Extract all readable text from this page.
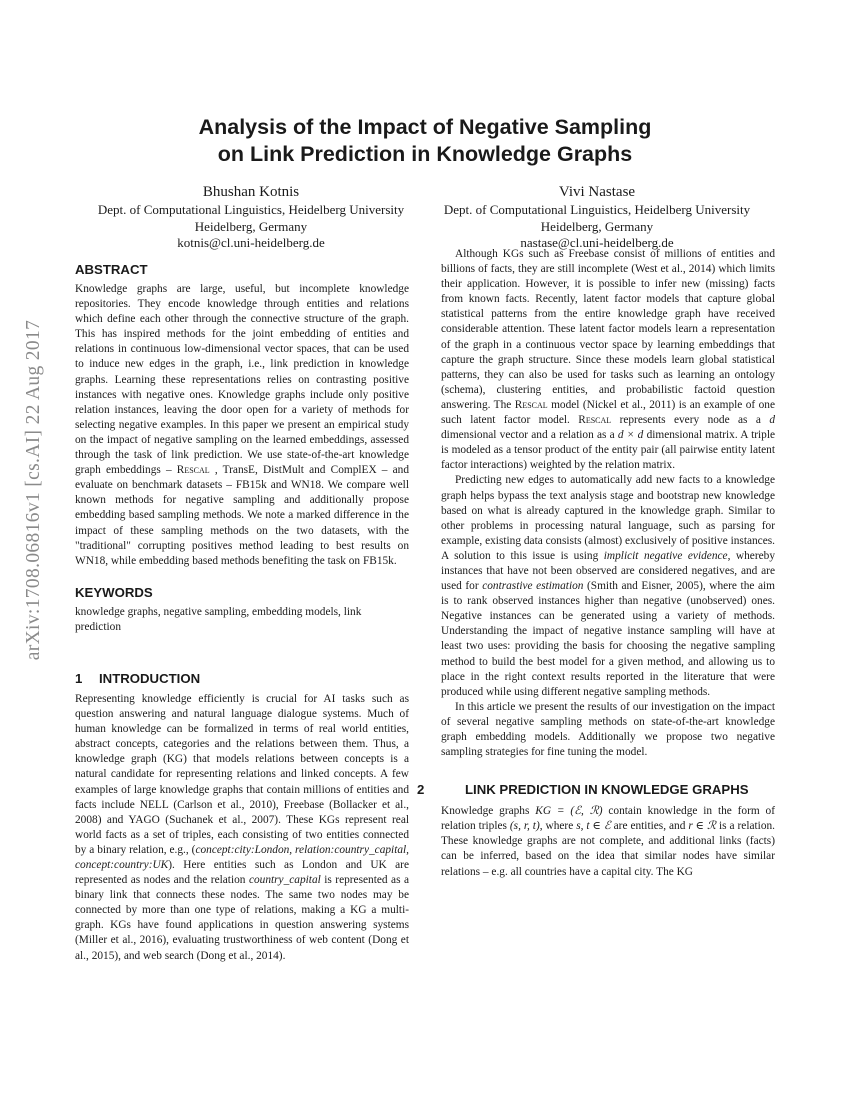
arXiv:1708.06816v1 [cs.AI] 22 Aug 2017
Analysis of the Impact of Negative Sampling
on Link Prediction in Knowledge Graphs
Bhushan Kotnis
Dept. of Computational Linguistics, Heidelberg University
Heidelberg, Germany
kotnis@cl.uni-heidelberg.de
Vivi Nastase
Dept. of Computational Linguistics, Heidelberg University
Heidelberg, Germany
nastase@cl.uni-heidelberg.de
ABSTRACT

Knowledge graphs are large, useful, but incomplete knowledge repositories. They encode knowledge through entities and relations which define each other through the connective structure of the graph. This has inspired methods for the joint embedding of entities and relations in continuous low-dimensional vector spaces, that can be used to induce new edges in the graph, i.e., link prediction in knowledge graphs. Learning these representations relies on contrasting positive instances with negative ones. Knowledge graphs include only positive relation instances, leaving the door open for a variety of methods for selecting negative examples. In this paper we present an empirical study on the impact of negative sampling on the learned embeddings, assessed through the task of link prediction. We use state-of-the-art knowledge graph embeddings – Rescal , TransE, DistMult and ComplEX – and evaluate on benchmark datasets – FB15k and WN18. We compare well known methods for negative sampling and additionally propose embedding based sampling methods. We note a marked difference in the impact of these sampling methods on the two datasets, with the "traditional" corrupting positives method leading to best results on WN18, while embedding based methods benefiting the task on FB15k.

KEYWORDS

knowledge graphs, negative sampling, embedding models, link prediction

1 INTRODUCTION

Representing knowledge efficiently is crucial for AI tasks such as question answering and natural language dialogue systems. Much of human knowledge can be formalized in terms of real world entities, abstract concepts, categories and the relations between them. Thus, a knowledge graph (KG) that models relations between concepts is a natural candidate for representing relations and linked concepts. A few examples of large knowledge graphs that contain millions of entities and facts include NELL (Carlson et al., 2010), Freebase (Bollacker et al., 2008) and YAGO (Suchanek et al., 2007). These KGs represent real world facts as a set of triples, each consisting of two entities connected by a binary relation, e.g., (concept:city:London, relation:country_capital, concept:country:UK). Here entities such as London and UK are represented as nodes and the relation country_capital is represented as a binary link that connects these nodes. The same two nodes may be connected by more than one type of relations, making a KG a multi-graph. KGs have found applications in question answering systems (Miller et al., 2016), evaluating trustworthiness of web content (Dong et al., 2015), and web search (Dong et al., 2014).

Although KGs such as Freebase consist of millions of entities and billions of facts, they are still incomplete (West et al., 2014) which limits their application. However, it is possible to infer new (missing) facts from known facts. Recently, latent factor models that capture global statistical patterns from the entire knowledge graph have received considerable attention. These latent factor models learn a representation of the graph in a continuous vector space by learning embeddings that capture the graph structure. Since these models learn global statistical patterns, they can also be used for tasks such as learning an ontology (schema), clustering entities, and probabilistic factoid question answering. The Rescal model (Nickel et al., 2011) is an example of one such latent factor model. Rescal represents every node as a d dimensional vector and a relation as a d × d dimensional matrix. A triple is modeled as a tensor product of the entity pair (all pairwise entity latent factor interactions) weighted by the relation matrix.

Predicting new edges to automatically add new facts to a knowledge graph helps bypass the text analysis stage and bootstrap new knowledge based on what is already captured in the knowledge graph. Similar to other problems in processing natural language, such as parsing for example, existing data consists (almost) exclusively of positive instances. A solution to this issue is using implicit negative evidence, whereby instances that have not been observed are considered negatives, and are used for contrastive estimation (Smith and Eisner, 2005), where the aim is to rank observed instances higher than negative (unobserved) ones. Negative instances can be generated using a variety of methods. Understanding the impact of negative instance sampling will have at least two uses: providing the basis for choosing the negative sampling method to build the best model for a given method, and allowing us to place in the right context results reported in the literature that were produced while using different negative sampling methods.

In this article we present the results of our investigation on the impact of several negative sampling methods on state-of-the-art knowledge graph embedding models. Additionally we propose two negative sampling strategies for fine tuning the model.

2	LINK PREDICTION IN KNOWLEDGE GRAPHS

Knowledge graphs KG = (ℰ, ℛ) contain knowledge in the form of relation triples (s, r, t), where s, t ∈ ℰ are entities, and r ∈ ℛ is a relation. These knowledge graphs are not complete, and additional links (facts) can be inferred, based on the idea that similar nodes have similar relations – e.g. all countries have a capital city. The KG
